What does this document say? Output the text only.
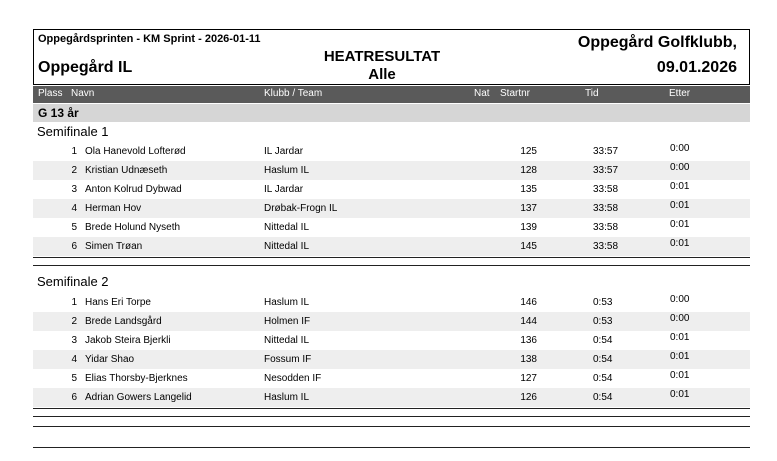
Oppegårdsprinten - KM Sprint - 2026-01-11
Oppegård IL
HEATRESULTAT
Alle
Oppegård Golfklubb,
09.01.2026
Plass Navn	Klubb / Team	Nat Startnr	Tid	Etter
G 13 år
Semifinale 1
1 Ola Hanevold Lofterød	IL Jardar	125	33:57	0:00
2 Kristian Udnæseth	Haslum IL	128	33:57	0:00
3 Anton Kolrud Dybwad	IL Jardar	135	33:58	0:01
4 Herman Hov	Drøbak-Frogn IL	137	33:58	0:01
5 Brede Holund Nyseth	Nittedal IL	139	33:58	0:01
6 Simen Trøan	Nittedal IL	145	33:58	0:01
Semifinale 2
1 Hans Eri Torpe	Haslum IL	146	0:53	0:00
2 Brede Landsgård	Holmen IF	144	0:53	0:00
3 Jakob Steira Bjerkli	Nittedal IL	136	0:54	0:01
4 Yidar Shao	Fossum IF	138	0:54	0:01
5 Elias Thorsby-Bjerknes	Nesodden IF	127	0:54	0:01
6 Adrian Gowers Langelid	Haslum IL	126	0:54	0:01
